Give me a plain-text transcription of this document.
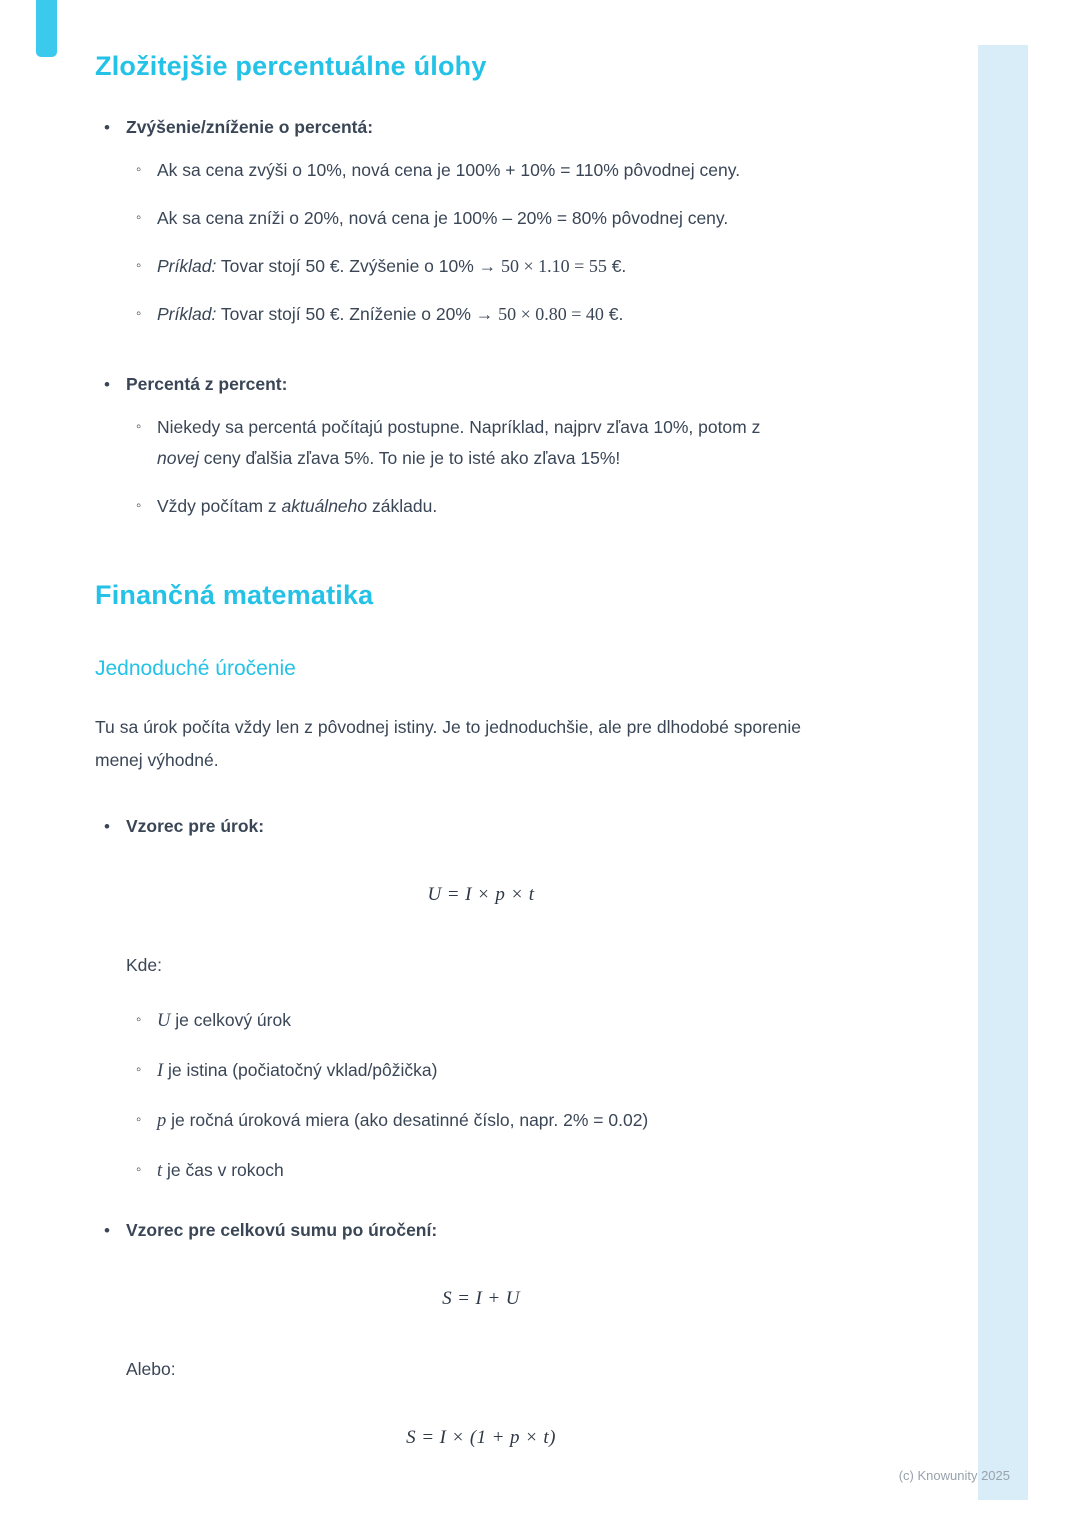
Zložitejšie percentuálne úlohy
• Zvýšenie/zníženie o percentá:

◦ Ak sa cena zvýši o 10%, nová cena je 100% + 10% = 110% pôvodnej ceny.

◦ Ak sa cena zníži o 20%, nová cena je 100% – 20% = 80% pôvodnej ceny.

◦ Príklad: Tovar stojí 50 €. Zvýšenie o 10% → 50 × 1.10 = 55 €.

◦ Príklad: Tovar stojí 50 €. Zníženie o 20% → 50 × 0.80 = 40 €.

• Percentá z percent:

◦ Niekedy sa percentá počítajú postupne. Napríklad, najprv zľava 10%, potom z novej ceny ďalšia zľava 5%. To nie je to isté ako zľava 15%!

◦ Vždy počítam z aktuálneho základu.

Finančná matematika
Jednoduché úročenie

Tu sa úrok počíta vždy len z pôvodnej istiny. Je to jednoduchšie, ale pre dlhodobé sporenie menej výhodné.

• Vzorec pre úrok:

U = I × p × t

Kde:

◦ U je celkový úrok

◦ I je istina (počiatočný vklad/pôžička)

◦ p je ročná úroková miera (ako desatinné číslo, napr. 2% = 0.02)

◦ t je čas v rokoch

• Vzorec pre celkovú sumu po úročení:

S = I + U

Alebo:

S = I × (1 + p × t)
(c) Knowunity 2025
